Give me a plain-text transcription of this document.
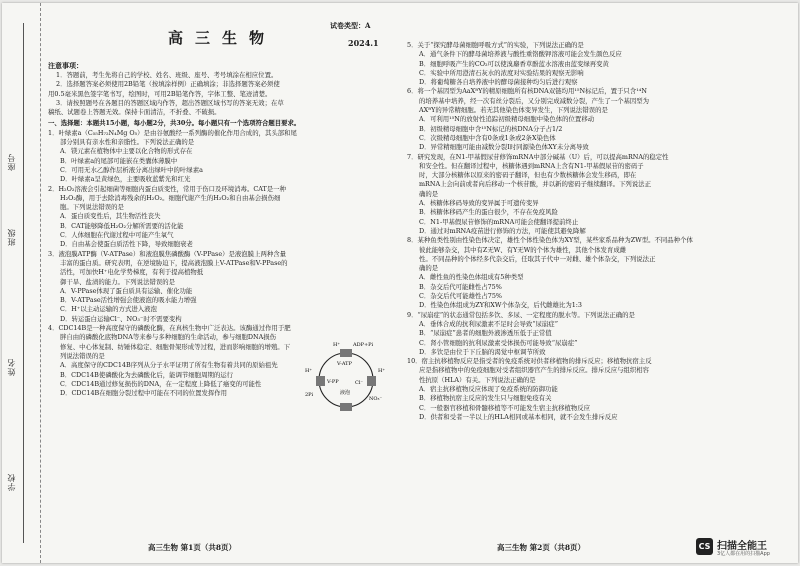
学校
姓名
班级
座号
试卷类型：A
高三生物	2024.1
注意事项：

1．答题前，考生先将自己的学校、姓名、班级、座号、考号填涂在相应位置。

2．选择题答案必须使用2B铅笔（按填涂样例）正确填涂；非选择题答案必须使

用0.5毫米黑色签字笔书写，绘图时，可用2B铅笔作答，字体工整、笔迹清楚。

3．请按照题号在各题目的答题区域内作答，超出答题区域书写的答案无效；在草

稿纸、试题卷上答题无效。保持卡面清洁，不折叠、不破损。

一、选择题：本题共15小题，每小题2分，共30分。每小题只有一个选项符合题目要求。

1．叶绿素a（C₅₅H₇₂N₄Mg O₅）是由谷氨酸经一系列酶的催化作用合成的，其头部和尾

部分别具有亲水性和亲脂性。下列说法正确的是

A．镁元素在植物体中主要以化合物的形式存在

B．叶绿素a的尾部可能嵌在类囊体薄膜中

C．可用无水乙醇作层析液分离出绿叶中的叶绿素a

D．叶绿素a呈黄绿色，主要吸收蓝紫光和红光

2．H₂O₂溶液会引起细菌等细胞内蛋白质变性，常用于伤口及环境消毒。CAT是一种

H₂O₂酶，用于去除消毒残余的H₂O₂。细胞代谢产生的H₂O₂和自由基会损伤细

胞。下列说法错误的是

A．蛋白质变性后，其生物活性丧失

B．CAT能够降低H₂O₂分解所需要的活化能

C．人体细胞在代谢过程中可能产生氧气

D．自由基会使蛋白质活性下降，导致细胞衰老

3．液泡膜ATP酶（V-ATPase）和液泡膜焦磷酸酶（V-PPase）是液泡膜上两种含量

丰富的蛋白质。研究表明，在逆境胁迫下，提高液泡膜上V-ATPase和V-PPase的

活性，可加快H⁺电化学势梯度，有利于提高植物抵

御干旱、盐渍的能力。下列说法错误的是

A．V-PPase体现了蛋白质具有运输、催化功能

B．V-ATPase活性增强会使液泡的吸水能力增强

C．H⁺以主动运输的方式进入液泡

D．转运蛋白运输Cl⁻、NO₃⁻时不需要变构

4．CDC14B是一种高度保守的磷酸化酶，在真核生物中广泛表达。该酶通过作用于肥

胖自由的磷酸化底物DNA等来参与多种细胞的生命活动，参与细胞DNA损伤

修复、中心体复制、纺锤体稳定、细胞骨架形成等过程，进而影响细胞的增殖。下

列说法错误的是

A．高度保守的CDC14B序列从分子水平证明了所有生物有着共同的原始祖先

B．CDC14B使磷酸化为去磷酸化后，能调节细胞周期的运行

C．CDC14B通过修复损伤的DNA，在一定程度上降低了癌变的可能性

D．CDC14B在细胞分裂过程中可能在不同的位置发挥作用

ADP+Pi
H⁺
V-ATP
H⁺
V-PP
2Pi
H⁺
Cl⁻
NO₃⁻
液泡
高三生物 第1页（共8页）

5．关于“探究酵母菌细胞呼吸方式”的实验，下列说法正确的是

A．通气条件下的酵母菌培养液与酸性重铬酸钾溶液可能会发生颜色反应

B．细胞呼吸产生的CO₂可以使溴麝香草酚蓝水溶液由蓝变绿再变黄

C．实验中所用澄清石灰水的浓度对实验结果的观察无影响

D．将葡萄糖各自培养液中的酵母菌接种均匀后进行观察

6．将一个基因型为AaXᴮY的精原细胞所有核DNA双链均用¹⁵N标记后，置于只含¹⁴N

的培养基中培养，经一次有丝分裂后，又分别完成减数分裂，产生了一个基因型为

AXᴮY的异常精细胞。若无其他染色体变异发生，下列说法错误的是

A．可利用¹⁵N的放射性追踪初级精母细胞中染色体的位置移动

B．初级精母细胞中含¹⁵N标记的核DNA分子占1/2

C．次级精母细胞中含有0条或1条或2条X染色体

D．异常精细胞可能由减数分裂Ⅰ时同源染色体XY未分离导致

7．研究发现，在N1-甲基假尿苷修饰mRNA中部分碱基（U）后，可以提高mRNA的稳定性

和安全性。但在翻译过程中，核糖体遇到mRNA上含有N1-甲基假尿苷的密码子

时，大部分核糖体以原来的密码子翻译，但也有少数核糖体会发生移码，即在

mRNA上会向前或者向后移动一个核苷酸，并以新的密码子继续翻译。下列说法正

确的是

A．核糖体移码导致的变异属于可遗传变异

B．核糖体移码产生的蛋白很少，不存在免疫风险

C．N1-甲基假尿苷修饰的mRNA可能会使翻译提前终止

D．通过对mRNA疫苗进行修饰的方法，可能使其避免降解

8．某种鱼类性别由性染色体决定，雄性个体性染色体为XY型，某些家系品种为ZW型。不同品种个体

彼此能够杂交，其中有Z无W、有Y无W的个体为雄性，其他个体发育成雌

性。不同品种的个体经多代杂交后，任取其子代中一对雌、雄个体杂交，下列说法正

确的是

A．雌性鱼的性染色体组成有5种类型

B．杂交后代可能雌性占75%

C．杂交后代可能雄性占75%

D．性染色体组成为ZY和XW个体杂交，后代雌雄比为1:3

9．“尿崩症”的状态通常包括多饮、多尿、一定程度的脱水等。下列说法正确的是

A．垂体合成的抗利尿激素不足时会导致“尿崩症”

B．“尿崩症”患者的细胞外液渗透压低于正常值

C．肾小管细胞的抗利尿激素受体损伤可能导致“尿崩症”

D．多饮是由位于下丘脑的渴觉中枢调节所致

10．宿主抗移植物反应是指受者的免疫系统对供者移植物的排斥反应；移植物抗宿主反

应是指移植物中的免疫细胞对受者组织器官产生的排斥反应。排斥反应与组织相容

性抗原（HLA）有关。下列说法正确的是

A．宿主抗移植物反应体现了免疫系统的防御功能

B．移植物抗宿主反应的发生只与细胞免疫有关

C．一般器官移植和骨髓移植等不可能发生宿主抗移植物反应

D．供者和受者一半以上的HLA相同或基本相同，就不会发生排斥反应

高三生物 第2页（共8页）	CS 扫描全能王
3亿人都在用的扫描App
